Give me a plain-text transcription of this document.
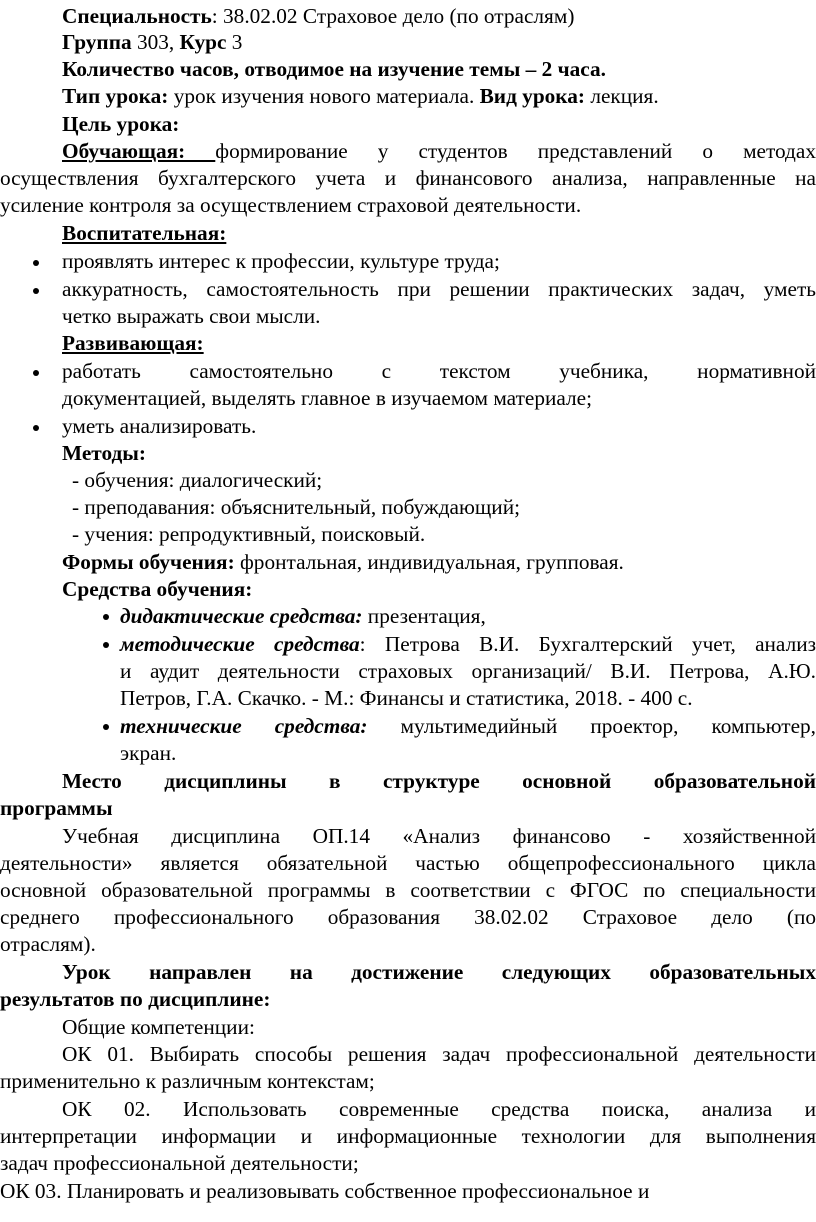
Специальность: 38.02.02 Страховое дело (по отраслям)
Группа 303, Курс 3
Количество часов, отводимое на изучение темы – 2 часа.
Тип урока: урок изучения нового материала. Вид урока: лекция.
Цель урока:
Обучающая: формирование у студентов представлений о методах
осуществления бухгалтерского учета и финансового анализа, направленные на
усиление контроля за осуществлением страховой деятельности.
Воспитательная:
проявлять интерес к профессии, культуре труда;
аккуратность, самостоятельность при решении практических задач, уметь
четко выражать свои мысли.
Развивающая:
работать самостоятельно с текстом учебника, нормативной
документацией, выделять главное в изучаемом материале;
уметь анализировать.
Методы:
- обучения: диалогический;
- преподавания: объяснительный, побуждающий;
- учения: репродуктивный, поисковый.
Формы обучения: фронтальная, индивидуальная, групповая.
Средства обучения:
дидактические средства: презентация,
методические средства: Петрова В.И. Бухгалтерский учет, анализ
и аудит деятельности страховых организаций/ В.И. Петрова, А.Ю.
Петров, Г.А. Скачко. - М.: Финансы и статистика, 2018. - 400 с.
технические средства: мультимедийный проектор, компьютер,
экран.
Место дисциплины в структуре основной образовательной
программы
Учебная дисциплина ОП.14 «Анализ финансово - хозяйственной
деятельности» является обязательной частью общепрофессионального цикла
основной образовательной программы в соответствии с ФГОС по специальности
среднего профессионального образования 38.02.02 Страховое дело (по
отраслям).
Урок направлен на достижение следующих образовательных
результатов по дисциплине:
Общие компетенции:
ОК 01. Выбирать способы решения задач профессиональной деятельности
применительно к различным контекстам;
ОК 02. Использовать современные средства поиска, анализа и
интерпретации информации и информационные технологии для выполнения
задач профессиональной деятельности;
ОК 03. Планировать и реализовывать собственное профессиональное и
